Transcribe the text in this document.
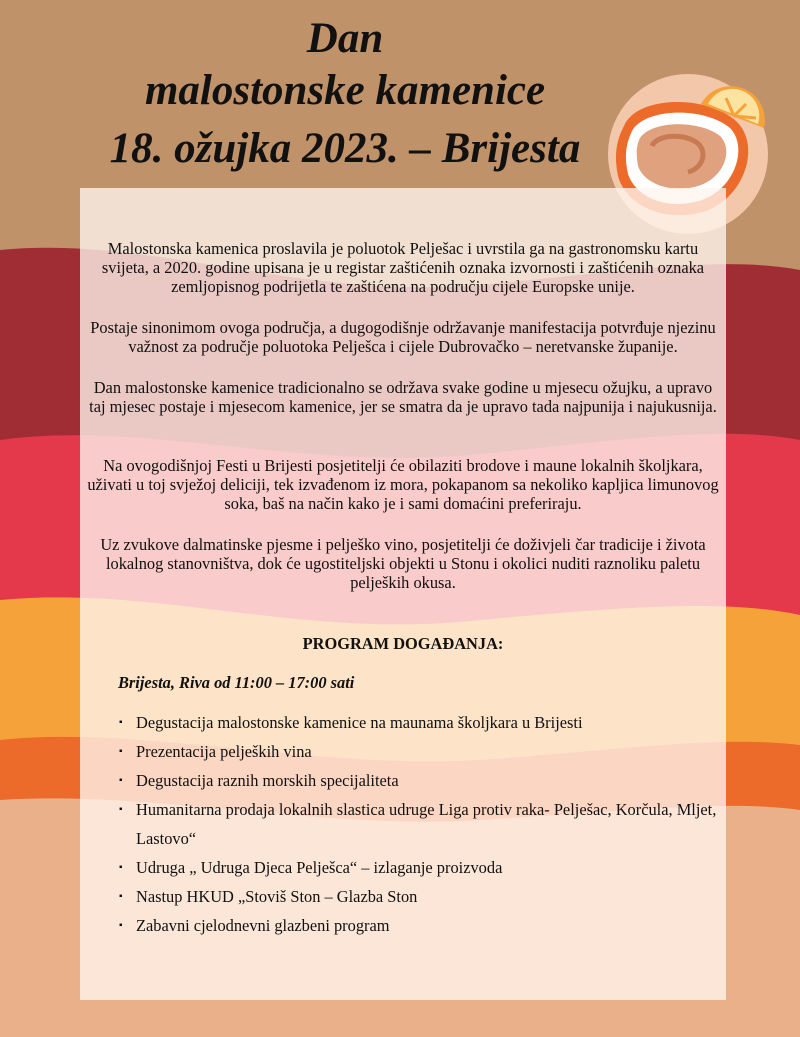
Dan
malostonske kamenice
18. ožujka 2023. – Brijesta

Malostonska kamenica proslavila je poluotok Pelješac i uvrstila ga na gastronomsku kartu svijeta, a 2020. godine upisana je u registar zaštićenih oznaka izvornosti i zaštićenih oznaka zemljopisnog podrijetla te zaštićena na području cijele Europske unije.

Postaje sinonimom ovoga područja, a dugogodišnje održavanje manifestacija potvrđuje njezinu važnost za područje poluotoka Pelješca i cijele Dubrovačko – neretvanske županije.

Dan malostonske kamenice tradicionalno se održava svake godine u mjesecu ožujku, a upravo taj mjesec postaje i mjesecom kamenice, jer se smatra da je upravo tada najpunija i najukusnija.

Na ovogodišnjoj Festi u Brijesti posjetitelji će obilaziti brodove i maune lokalnih školjkara, uživati u toj svježoj deliciji, tek izvađenom iz mora, pokapanom sa nekoliko kapljica limunovog soka, baš na način kako je i sami domaćini preferiraju.

Uz zvukove dalmatinske pjesme i pelješko vino, posjetitelji će doživjeli čar tradicije i života lokalnog stanovništva, dok će ugostiteljski objekti u Stonu i okolici nuditi raznoliku paletu peljeških okusa.

PROGRAM DOGAĐANJA:

Brijesta, Riva od 11:00 – 17:00 sati

▪ Degustacija malostonske kamenice na maunama školjkara u Brijesti
▪ Prezentacija peljeških vina
▪ Degustacija raznih morskih specijaliteta
▪ Humanitarna prodaja lokalnih slastica udruge Liga protiv raka- Pelješac, Korčula, Mljet, Lastovo“
▪ Udruga „ Udruga Djeca Pelješca“ – izlaganje proizvoda
▪ Nastup HKUD „Stoviš Ston – Glazba Ston
▪ Zabavni cjelodnevni glazbeni program
